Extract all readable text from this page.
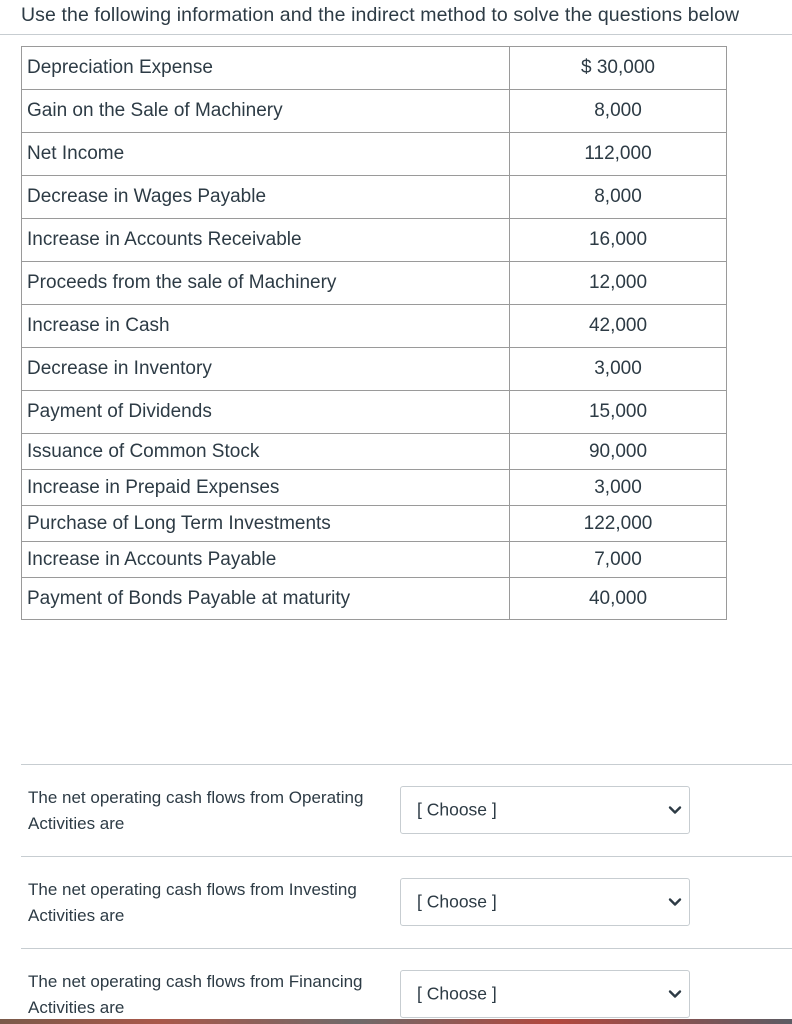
Use the following information and the indirect method to solve the questions below
Depreciation Expense	$ 30,000
Gain on the Sale of Machinery	8,000
Net Income	112,000
Decrease in Wages Payable	8,000
Increase in Accounts Receivable	16,000
Proceeds from the sale of Machinery	12,000
Increase in Cash	42,000
Decrease in Inventory	3,000
Payment of Dividends	15,000
Issuance of Common Stock	90,000
Increase in Prepaid Expenses	3,000
Purchase of Long Term Investments	122,000
Increase in Accounts Payable	7,000
Payment of Bonds Payable at maturity	40,000
The net operating cash flows from Operating
Activities are
[ Choose ]
The net operating cash flows from Investing
Activities are
[ Choose ]
The net operating cash flows from Financing
Activities are
[ Choose ]
